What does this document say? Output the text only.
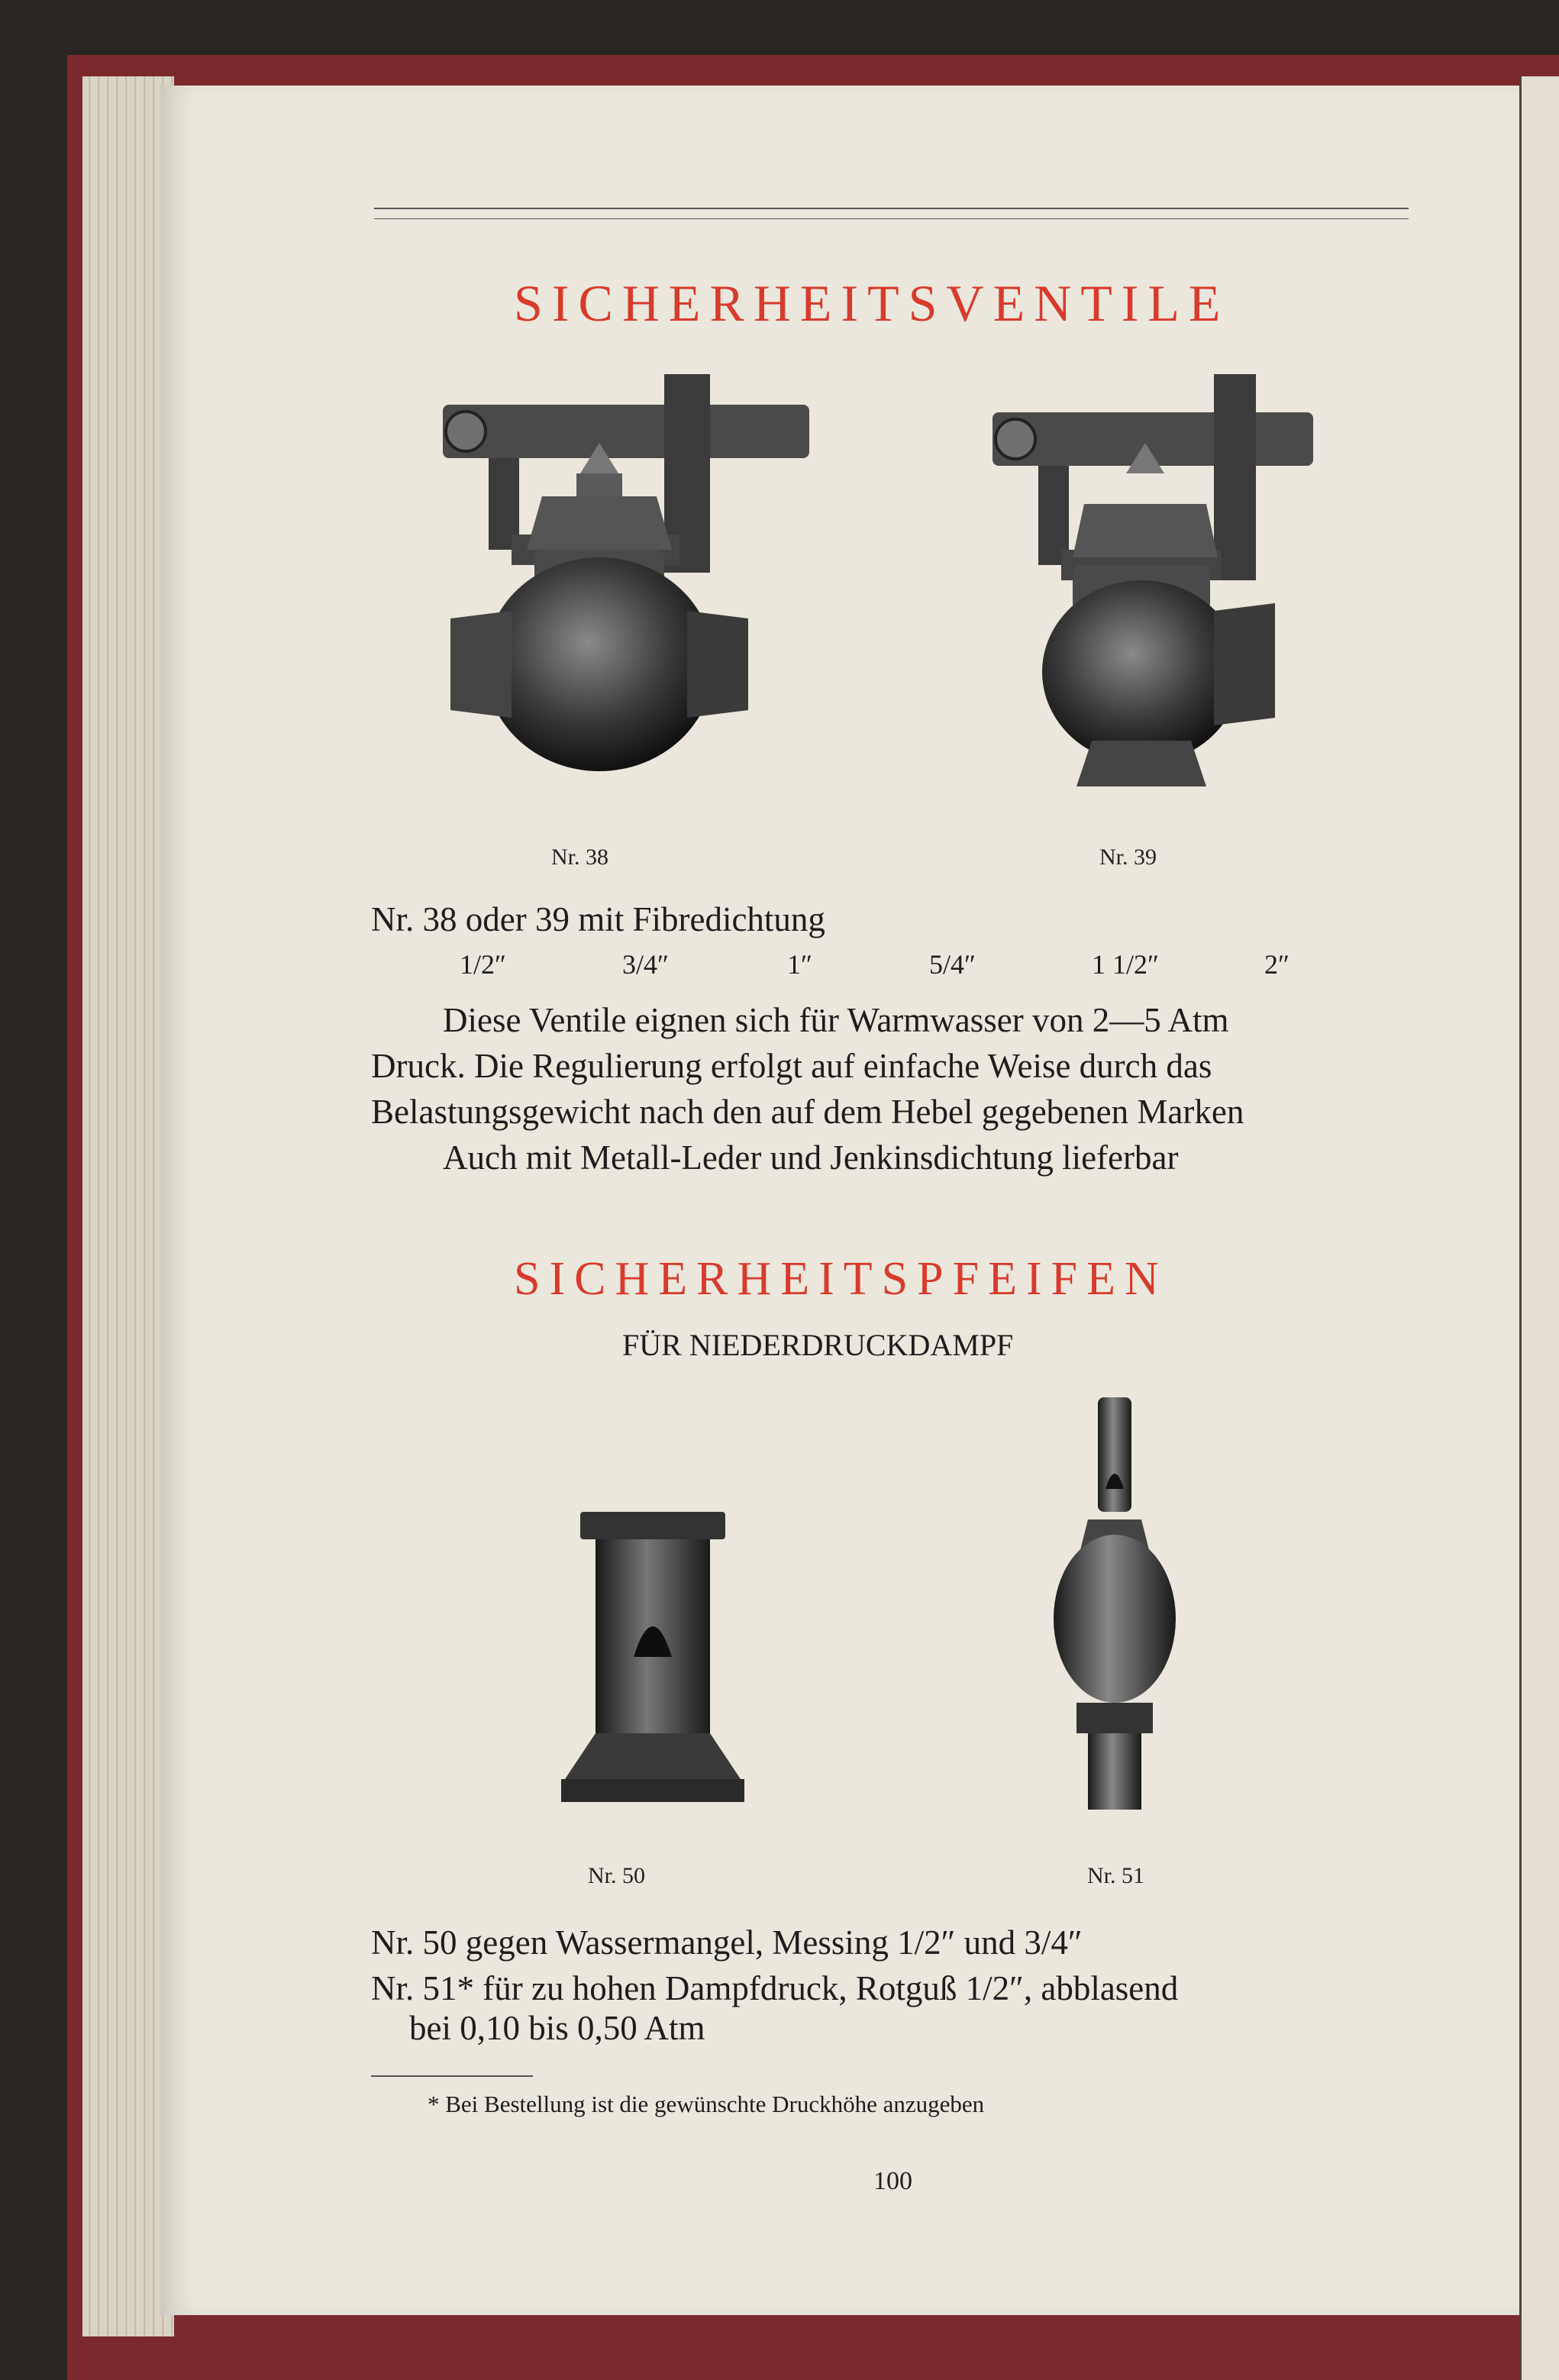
SICHERHEITSVENTILE
Nr. 38	Nr. 39
Nr. 38 oder 39 mit Fibredichtung
1/2″	3/4″	1″	5/4″	1 1/2″	2″
Diese Ventile eignen sich für Warmwasser von 2—5 Atm
Druck. Die Regulierung erfolgt auf einfache Weise durch das
Belastungsgewicht nach den auf dem Hebel gegebenen Marken
Auch mit Metall-Leder und Jenkinsdichtung lieferbar
SICHERHEITSPFEIFEN
FÜR NIEDERDRUCKDAMPF
Nr. 50	Nr. 51
Nr. 50 gegen Wassermangel, Messing 1/2″ und 3/4″
Nr. 51* für zu hohen Dampfdruck, Rotguß 1/2″, abblasend
bei 0,10 bis 0,50 Atm
* Bei Bestellung ist die gewünschte Druckhöhe anzugeben
100
